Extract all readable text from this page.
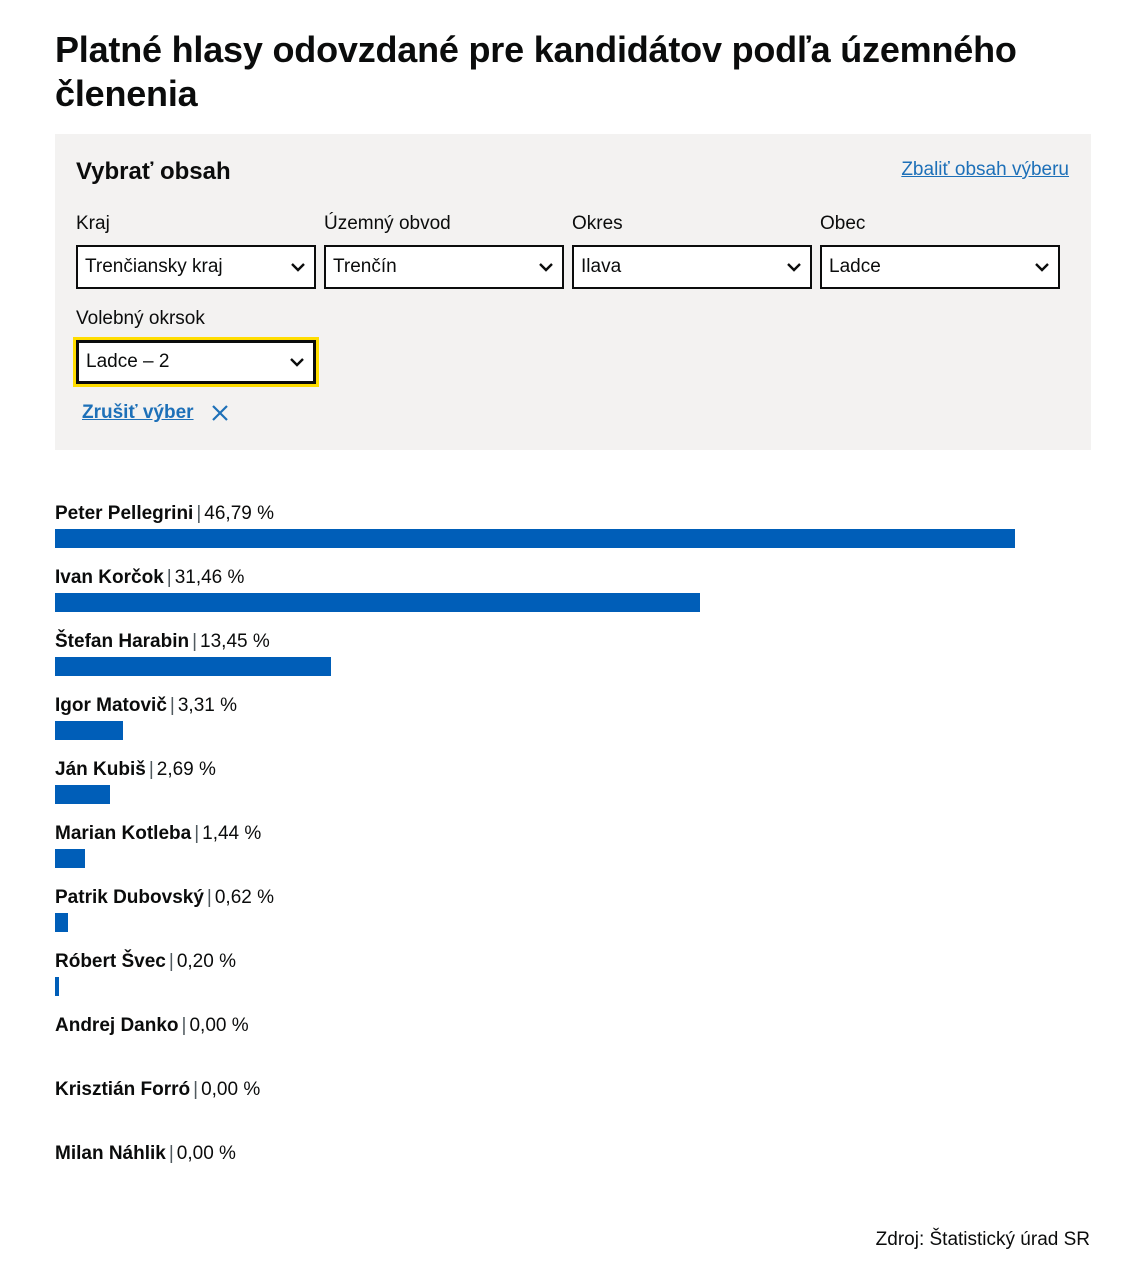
Platné hlasy odovzdané pre kandidátov podľa územného členenia
Vybrať obsah	Zbaliť obsah výberu
Kraj
Trenčiansky kraj
Územný obvod
Trenčín
Okres
Ilava
Obec
Ladce
Volebný okrsok
Ladce – 2
Zrušiť výber
Peter Pellegrini | 46,79 %
Ivan Korčok | 31,46 %
Štefan Harabin | 13,45 %
Igor Matovič | 3,31 %
Ján Kubiš | 2,69 %
Marian Kotleba | 1,44 %
Patrik Dubovský | 0,62 %
Róbert Švec | 0,20 %
Andrej Danko | 0,00 %
Krisztián Forró | 0,00 %
Milan Náhlik | 0,00 %
Zdroj: Štatistický úrad SR
